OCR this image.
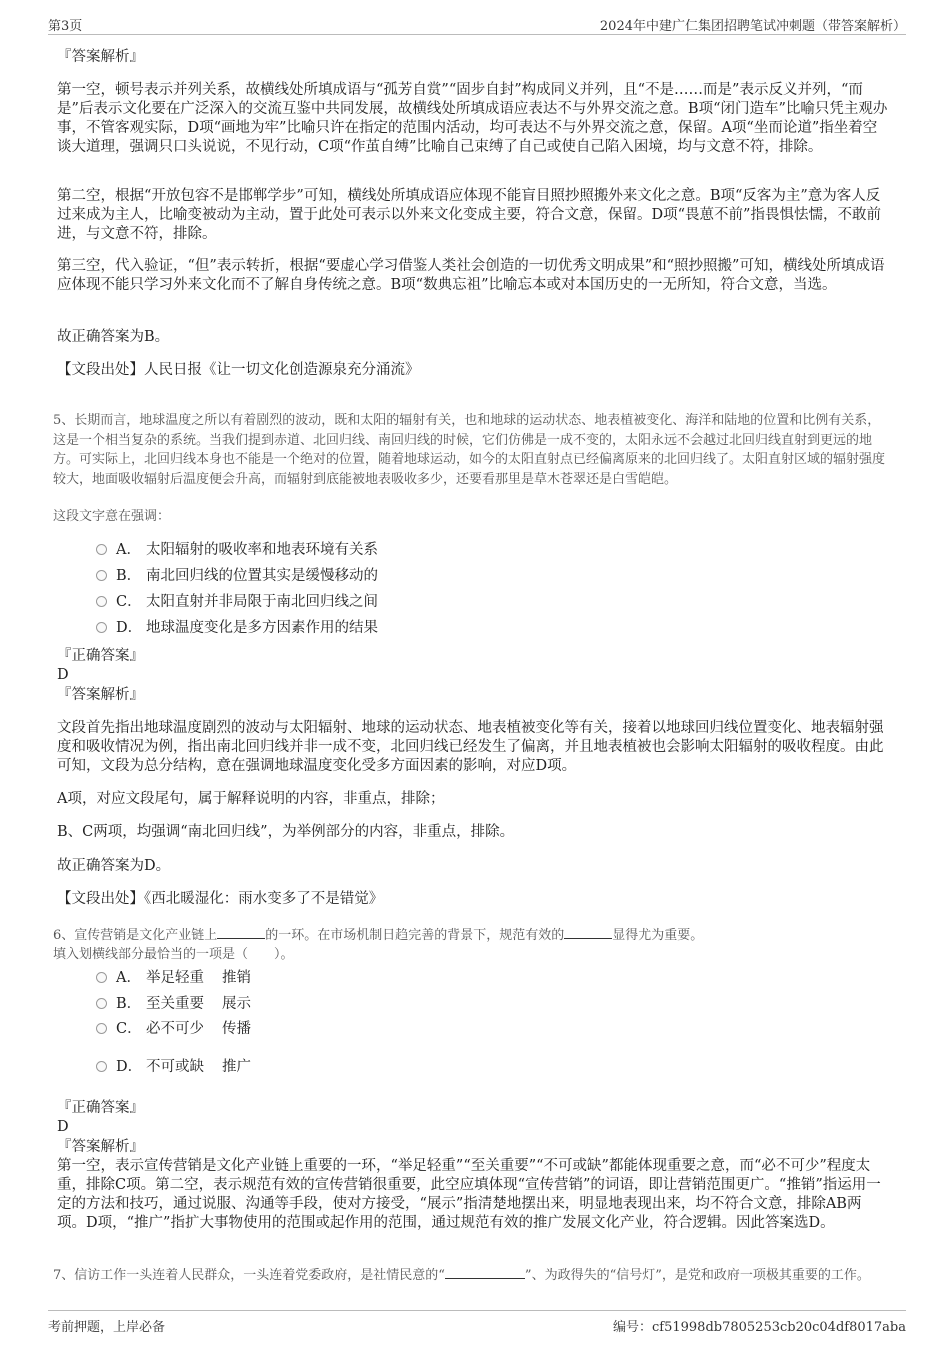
第3页	2024年中建广仁集团招聘笔试冲刺题（带答案解析）
『答案解析』
第一空，顿号表示并列关系，故横线处所填成语与“孤芳自赏”“固步自封”构成同义并列，且“不是……而是”表示反义并列，“而是”后表示文化要在广泛深入的交流互鉴中共同发展，故横线处所填成语应表达不与外界交流之意。B项“闭门造车”比喻只凭主观办事，不管客观实际，D项“画地为牢”比喻只许在指定的范围内活动，均可表达不与外界交流之意，保留。A项“坐而论道”指坐着空谈大道理，强调只口头说说，不见行动，C项“作茧自缚”比喻自己束缚了自己或使自己陷入困境，均与文意不符，排除。
第二空，根据“开放包容不是邯郸学步”可知，横线处所填成语应体现不能盲目照抄照搬外来文化之意。B项“反客为主”意为客人反过来成为主人，比喻变被动为主动，置于此处可表示以外来文化变成主要，符合文意，保留。D项“畏葸不前”指畏惧怯懦，不敢前进，与文意不符，排除。
第三空，代入验证，“但”表示转折，根据“要虚心学习借鉴人类社会创造的一切优秀文明成果”和“照抄照搬”可知，横线处所填成语应体现不能只学习外来文化而不了解自身传统之意。B项“数典忘祖”比喻忘本或对本国历史的一无所知，符合文意，当选。
故正确答案为B。
【文段出处】人民日报《让一切文化创造源泉充分涌流》
5、长期而言，地球温度之所以有着剧烈的波动，既和太阳的辐射有关，也和地球的运动状态、地表植被变化、海洋和陆地的位置和比例有关系，这是一个相当复杂的系统。当我们提到赤道、北回归线、南回归线的时候，它们仿佛是一成不变的，太阳永远不会越过北回归线直射到更远的地方。可实际上，北回归线本身也不能是一个绝对的位置，随着地球运动，如今的太阳直射点已经偏离原来的北回归线了。太阳直射区域的辐射强度较大，地面吸收辐射后温度便会升高，而辐射到底能被地表吸收多少，还要看那里是草木苍翠还是白雪皑皑。
这段文字意在强调：
A． 太阳辐射的吸收率和地表环境有关系
B． 南北回归线的位置其实是缓慢移动的
C． 太阳直射并非局限于南北回归线之间
D． 地球温度变化是多方因素作用的结果
『正确答案』
D
『答案解析』
文段首先指出地球温度剧烈的波动与太阳辐射、地球的运动状态、地表植被变化等有关，接着以地球回归线位置变化、地表辐射强度和吸收情况为例，指出南北回归线并非一成不变，北回归线已经发生了偏离，并且地表植被也会影响太阳辐射的吸收程度。由此可知，文段为总分结构，意在强调地球温度变化受多方面因素的影响，对应D项。
A项，对应文段尾句，属于解释说明的内容，非重点，排除；
B、C两项，均强调“南北回归线”，为举例部分的内容，非重点，排除。
故正确答案为D。
【文段出处】《西北暖湿化：雨水变多了不是错觉》
6、宣传营销是文化产业链上	的一环。在市场机制日趋完善的背景下，规范有效的	显得尤为重要。
填入划横线部分最恰当的一项是（　　）。
A． 举足轻重 推销
B． 至关重要 展示
C． 必不可少 传播
D． 不可或缺 推广
『正确答案』
D
『答案解析』
第一空，表示宣传营销是文化产业链上重要的一环，“举足轻重”“至关重要”“不可或缺”都能体现重要之意，而“必不可少”程度太重，排除C项。第二空，表示规范有效的宣传营销很重要，此空应填体现“宣传营销”的词语，即让营销范围更广。“推销”指运用一定的方法和技巧，通过说服、沟通等手段，使对方接受，“展示”指清楚地摆出来，明显地表现出来，均不符合文意，排除AB两项。D项，“推广”指扩大事物使用的范围或起作用的范围，通过规范有效的推广发展文化产业，符合逻辑。因此答案选D。
7、信访工作一头连着人民群众，一头连着党委政府，是社情民意的“	”、为政得失的“信号灯”，是党和政府一项极其重要的工作。
考前押题，上岸必备	编号：cf51998db7805253cb20c04df8017aba
